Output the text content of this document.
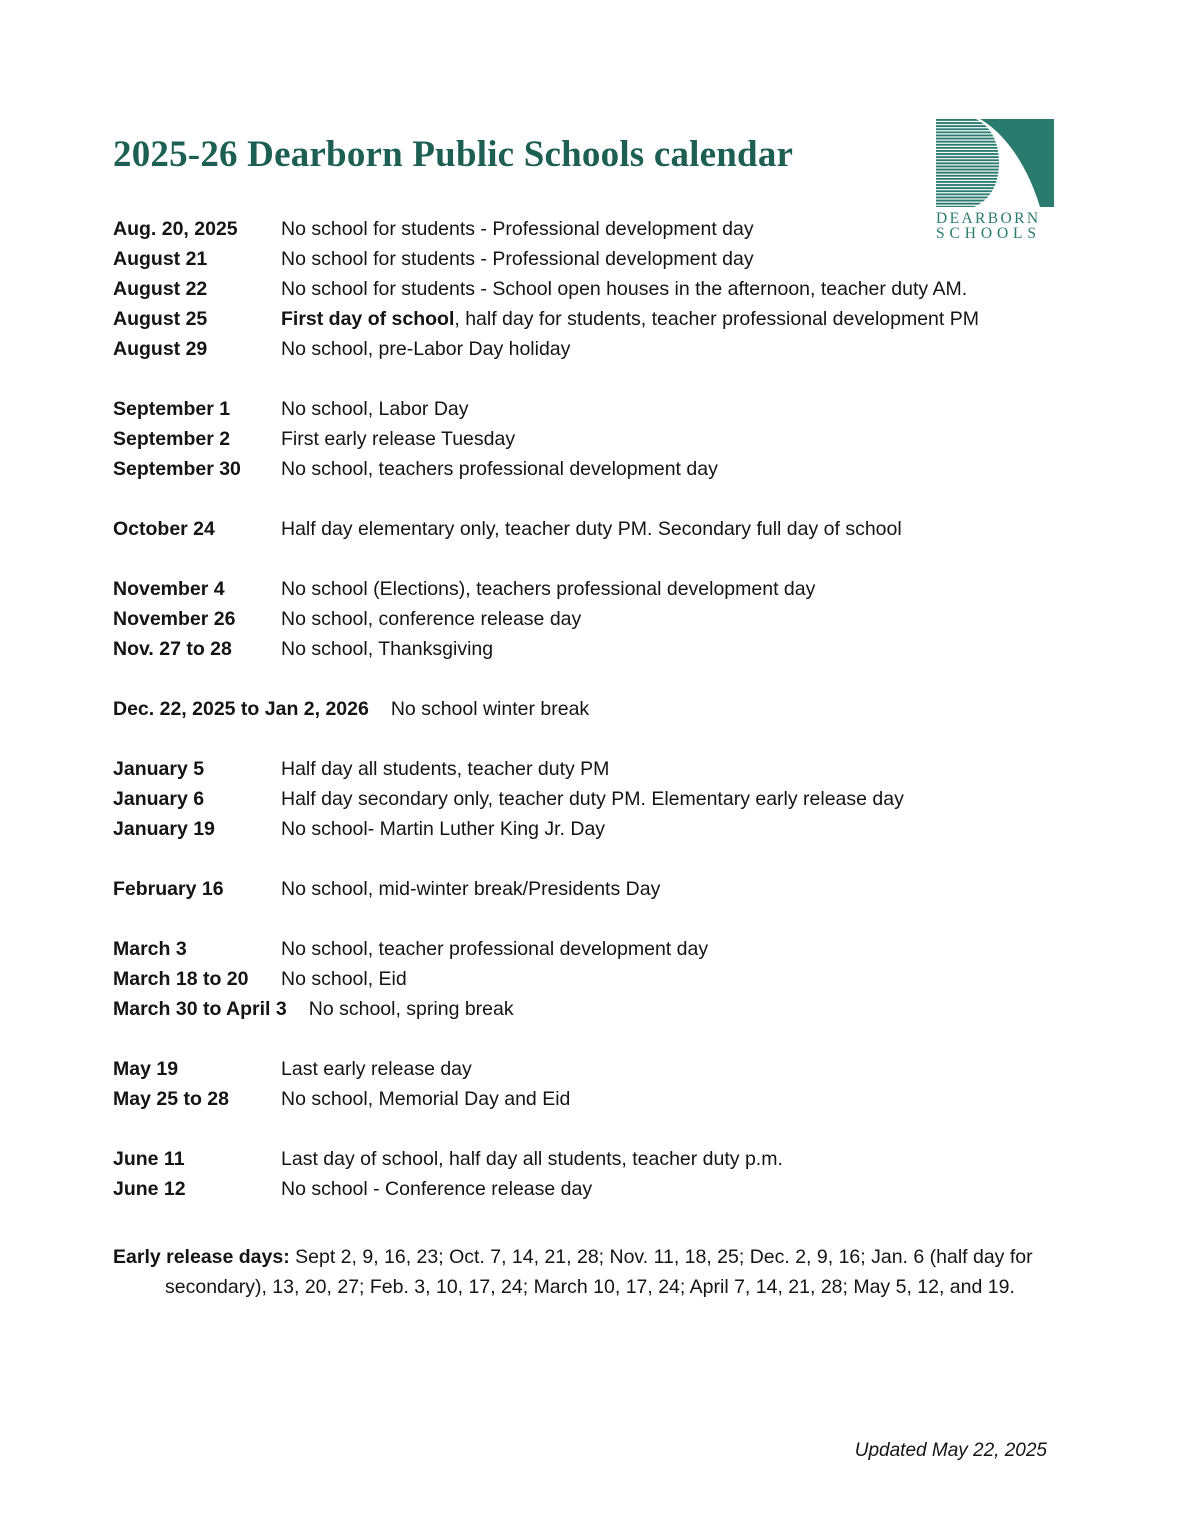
DEARBORN
SCHOOLS
2025-26 Dearborn Public Schools calendar
Aug. 20, 2025	No school for students - Professional development day
August 21	No school for students - Professional development day
August 22	No school for students - School open houses in the afternoon, teacher duty AM.
August 25	First day of school, half day for students, teacher professional development PM
August 29	No school, pre-Labor Day holiday
September 1	No school, Labor Day
September 2	First early release Tuesday
September 30	No school, teachers professional development day
October 24	Half day elementary only, teacher duty PM. Secondary full day of school
November 4	No school (Elections), teachers professional development day
November 26	No school, conference release day
Nov. 27 to 28	No school, Thanksgiving
Dec. 22, 2025 to Jan 2, 2026	No school winter break
January 5	Half day all students, teacher duty PM
January 6	Half day secondary only, teacher duty PM. Elementary early release day
January 19	No school- Martin Luther King Jr. Day
February 16	No school, mid-winter break/Presidents Day
March 3	No school, teacher professional development day
March 18 to 20	No school, Eid
March 30 to April 3	No school, spring break
May 19	Last early release day
May 25 to 28	No school, Memorial Day and Eid
June 11	Last day of school, half day all students, teacher duty p.m.
June 12	No school - Conference release day

Early release days: Sept 2, 9, 16, 23; Oct. 7, 14, 21, 28; Nov. 11, 18, 25; Dec. 2, 9, 16; Jan. 6 (half day for secondary), 13, 20, 27; Feb. 3, 10, 17, 24; March 10, 17, 24; April 7, 14, 21, 28; May 5, 12, and 19.

Updated May 22, 2025
